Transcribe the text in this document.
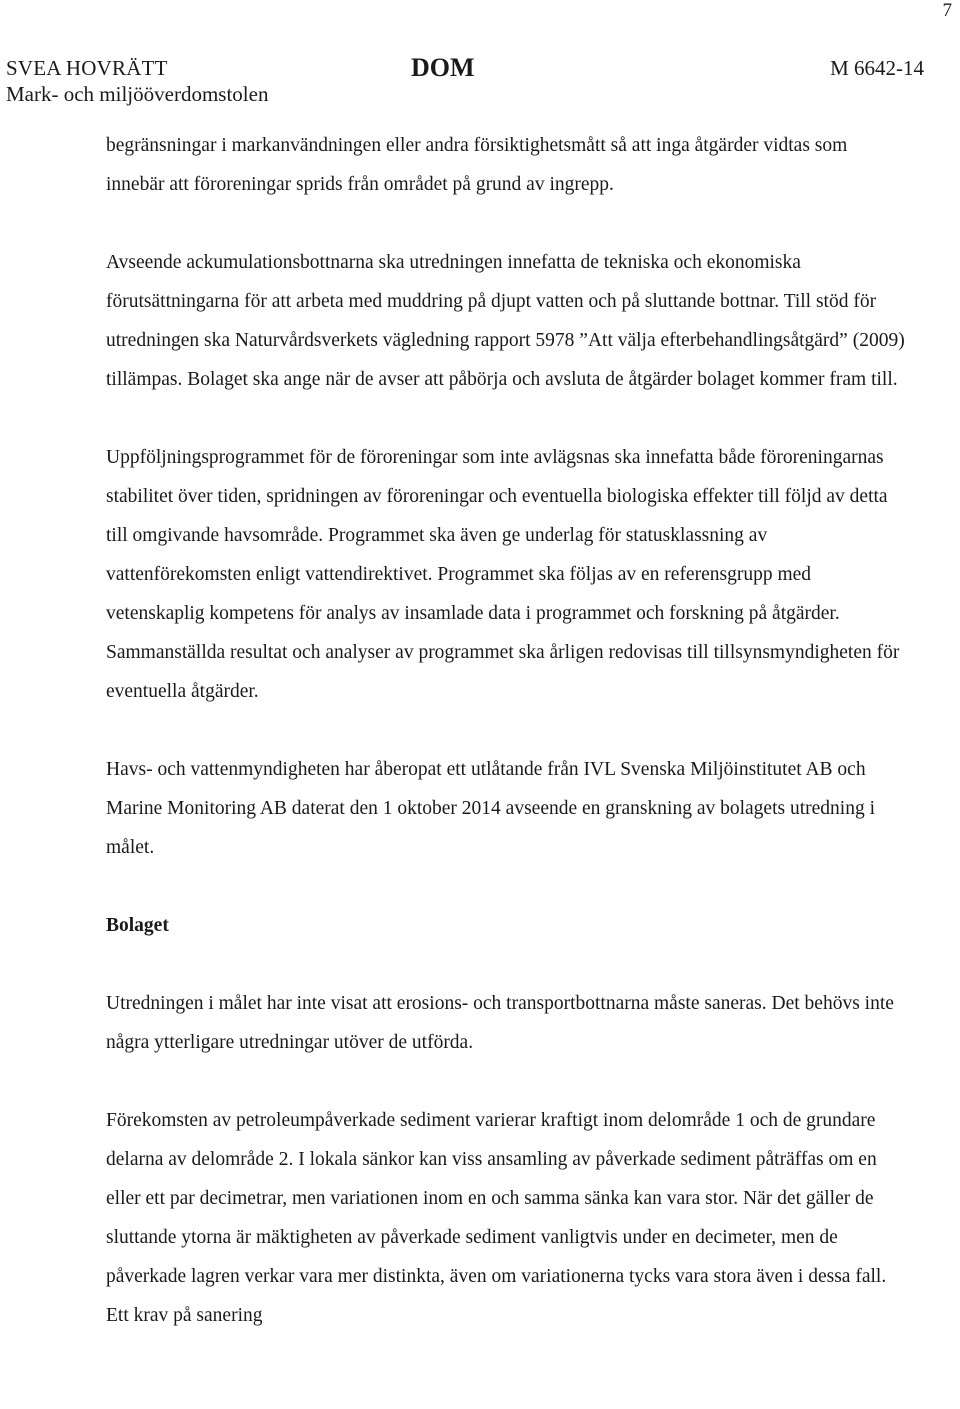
7
SVEA HOVRÄTT
Mark- och miljööverdomstolen
DOM	M 6642-14

begränsningar i markanvändningen eller andra försiktighetsmått så att inga åtgärder vidtas som innebär att föroreningar sprids från området på grund av ingrepp.

Avseende ackumulationsbottnarna ska utredningen innefatta de tekniska och ekonomiska förutsättningarna för att arbeta med muddring på djupt vatten och på sluttande bottnar. Till stöd för utredningen ska Naturvårdsverkets vägledning rapport 5978 ”Att välja efterbehandlingsåtgärd” (2009) tillämpas. Bolaget ska ange när de avser att påbörja och avsluta de åtgärder bolaget kommer fram till.

Uppföljningsprogrammet för de föroreningar som inte avlägsnas ska innefatta både föroreningarnas stabilitet över tiden, spridningen av föroreningar och eventuella biologiska effekter till följd av detta till omgivande havsområde. Programmet ska även ge underlag för statusklassning av vattenförekomsten enligt vattendirektivet. Programmet ska följas av en referensgrupp med vetenskaplig kompetens för analys av insamlade data i programmet och forskning på åtgärder. Sammanställda resultat och analyser av programmet ska årligen redovisas till tillsynsmyndigheten för eventuella åtgärder.

Havs- och vattenmyndigheten har åberopat ett utlåtande från IVL Svenska Miljöinstitutet AB och Marine Monitoring AB daterat den 1 oktober 2014 avseende en granskning av bolagets utredning i målet.

Bolaget

Utredningen i målet har inte visat att erosions- och transportbottnarna måste saneras. Det behövs inte några ytterligare utredningar utöver de utförda.

Förekomsten av petroleumpåverkade sediment varierar kraftigt inom delområde 1 och de grundare delarna av delområde 2. I lokala sänkor kan viss ansamling av påverkade sediment påträffas om en eller ett par decimetrar, men variationen inom en och samma sänka kan vara stor. När det gäller de sluttande ytorna är mäktigheten av påverkade sediment vanligtvis under en decimeter, men de påverkade lagren verkar vara mer distinkta, även om variationerna tycks vara stora även i dessa fall. Ett krav på sanering
